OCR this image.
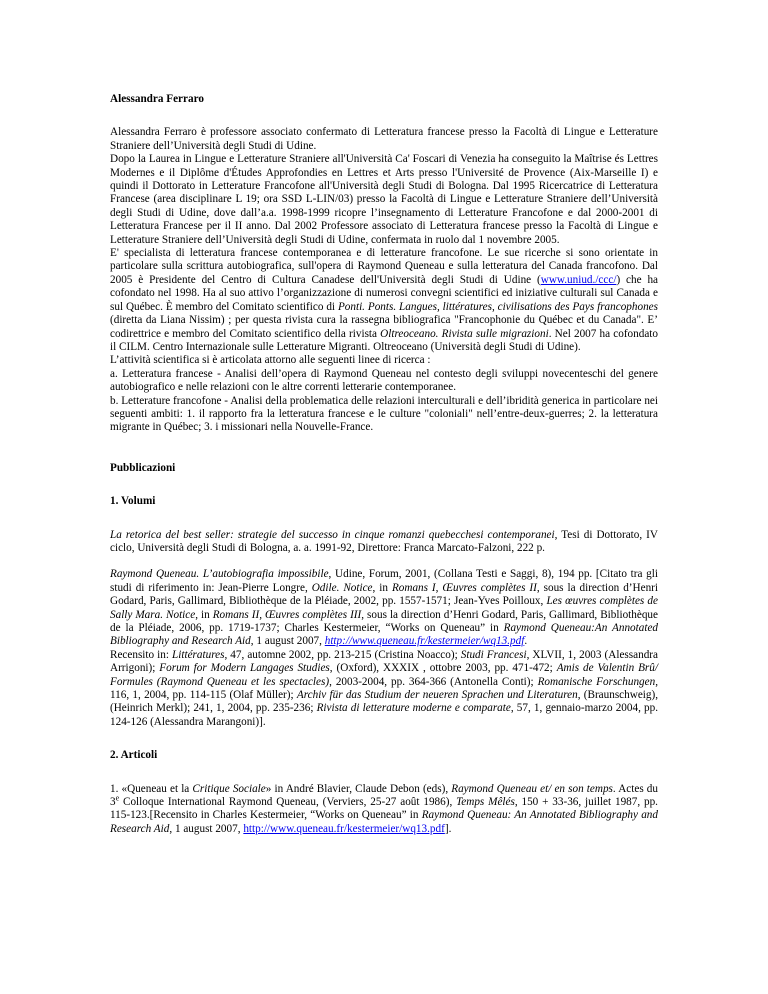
Alessandra Ferraro

Alessandra Ferraro è professore associato confermato di Letteratura francese presso la Facoltà di Lingue e Letterature Straniere dell’Università degli Studi di Udine.

Dopo la Laurea in Lingue e Letterature Straniere all'Università Ca' Foscari di Venezia ha conseguito la Maîtrise és Lettres Modernes e il Diplôme d'Études Approfondies en Lettres et Arts presso l'Université de Provence (Aix-Marseille I) e quindi il Dottorato in Letterature Francofone all'Università degli Studi di Bologna. Dal 1995 Ricercatrice di Letteratura Francese (area disciplinare L 19; ora SSD L-LIN/03) presso la Facoltà di Lingue e Letterature Straniere dell’Università degli Studi di Udine, dove dall’a.a. 1998-1999 ricopre l’insegnamento di Letterature Francofone e dal 2000-2001 di Letteratura Francese per il II anno. Dal 2002 Professore associato di Letteratura francese presso la Facoltà di Lingue e Letterature Straniere dell’Università degli Studi di Udine, confermata in ruolo dal 1 novembre 2005.

E' specialista di letteratura francese contemporanea e di letterature francofone. Le sue ricerche si sono orientate in particolare sulla scrittura autobiografica, sull'opera di Raymond Queneau e sulla letteratura del Canada francofono. Dal 2005 è Presidente del Centro di Cultura Canadese dell'Università degli Studi di Udine (www.uniud./ccc/) che ha cofondato nel 1998. Ha al suo attivo l’organizzazione di numerosi convegni scientifici ed iniziative culturali sul Canada e sul Québec. È membro del Comitato scientifico di Ponti. Ponts. Langues, littératures, civilisations des Pays francophones (diretta da Liana Nissim) ; per questa rivista cura la rassegna bibliografica "Francophonie du Québec et du Canada". E’ codirettrice e membro del Comitato scientifico della rivista Oltreoceano. Rivista sulle migrazioni. Nel 2007 ha cofondato il CILM. Centro Internazionale sulle Letterature Migranti. Oltreoceano (Università degli Studi di Udine).

L’attività scientifica si è articolata attorno alle seguenti linee di ricerca :

a. Letteratura francese - Analisi dell’opera di Raymond Queneau nel contesto degli sviluppi novecenteschi del genere autobiografico e nelle relazioni con le altre correnti letterarie contemporanee.

b. Letterature francofone - Analisi della problematica delle relazioni interculturali e dell’ibridità generica in particolare nei seguenti ambiti: 1. il rapporto fra la letteratura francese e le culture "coloniali" nell’entre-deux-guerres; 2. la letteratura migrante in Québec; 3. i missionari nella Nouvelle-France.

Pubblicazioni

1. Volumi

La retorica del best seller: strategie del successo in cinque romanzi quebecchesi contemporanei, Tesi di Dottorato, IV ciclo, Università degli Studi di Bologna, a. a. 1991-92, Direttore: Franca Marcato-Falzoni, 222 p.

Raymond Queneau. L’autobiografia impossibile, Udine, Forum, 2001, (Collana Testi e Saggi, 8), 194 pp. [Citato tra gli studi di riferimento in: Jean-Pierre Longre, Odile. Notice, in Romans I, Œuvres complètes II, sous la direction d’Henri Godard, Paris, Gallimard, Bibliothèque de la Pléiade, 2002, pp. 1557-1571; Jean-Yves Poilloux, Les œuvres complètes de Sally Mara. Notice, in Romans II, Œuvres complètes III, sous la direction d’Henri Godard, Paris, Gallimard, Bibliothèque de la Pléiade, 2006, pp. 1719-1737; Charles Kestermeier, “Works on Queneau” in Raymond Queneau:An Annotated Bibliography and Research Aid, 1 august 2007, http://www.queneau.fr/kestermeier/wq13.pdf.

Recensito in: Littératures, 47, automne 2002, pp. 213-215 (Cristina Noacco); Studi Francesi, XLVII, 1, 2003 (Alessandra Arrigoni); Forum for Modern Langages Studies, (Oxford), XXXIX , ottobre 2003, pp. 471-472; Amis de Valentin Brû/ Formules (Raymond Queneau et les spectacles), 2003-2004, pp. 364-366 (Antonella Conti); Romanische Forschungen, 116, 1, 2004, pp. 114-115 (Olaf Müller); Archiv für das Studium der neueren Sprachen und Literaturen, (Braunschweig), (Heinrich Merkl); 241, 1, 2004, pp. 235-236; Rivista di letterature moderne e comparate, 57, 1, gennaio-marzo 2004, pp. 124-126 (Alessandra Marangoni)].

2. Articoli

1. «Queneau et la Critique Sociale» in André Blavier, Claude Debon (eds), Raymond Queneau et/ en son temps. Actes du 3e Colloque International Raymond Queneau, (Verviers, 25-27 août 1986), Temps Mêlés, 150 + 33-36, juillet 1987, pp. 115-123.[Recensito in Charles Kestermeier, “Works on Queneau” in Raymond Queneau: An Annotated Bibliography and Research Aid, 1 august 2007, http://www.queneau.fr/kestermeier/wq13.pdf].
